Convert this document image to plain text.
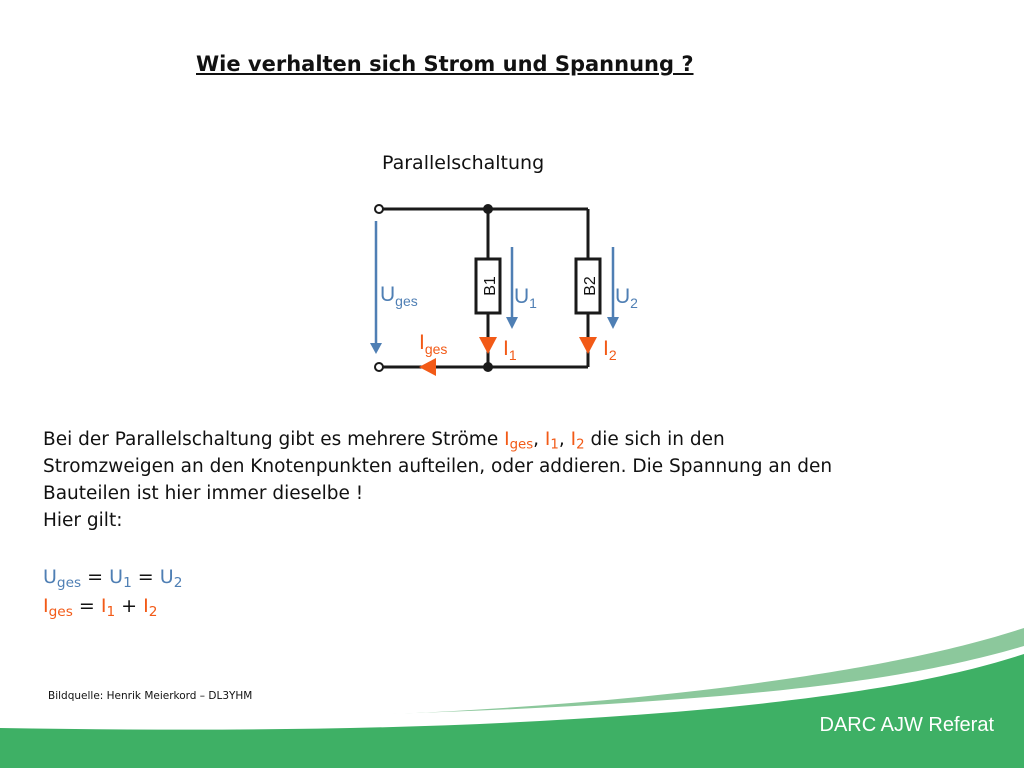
Wie verhalten sich Strom und Spannung ?
Parallelschaltung
B1	B2
Uges	U1	U2
Iges	I1	I2

Bei der Parallelschaltung gibt es mehrere Ströme $I_{ges}$, $I_1$, $I_2$ die sich in den

Stromzweigen an den Knotenpunkten aufteilen, oder addieren. Die Spannung an den

Bauteilen ist hier immer dieselbe !

Hier gilt:

$U_{ges} = U_1 = U_2$

$I_{ges} = I_1 + I_2$

Bildquelle: Henrik Meierkord – DL3YHM
DARC AJW Referat
